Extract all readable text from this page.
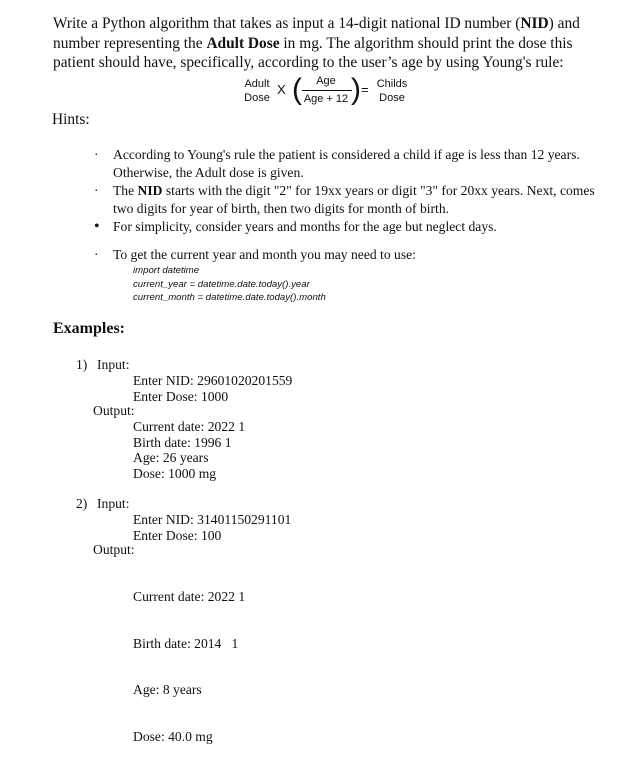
Write a Python algorithm that takes as input a 14-digit national ID number (NID) and number representing the Adult Dose in mg. The algorithm should print the dose this patient should have, specifically, according to the user’s age by using Young's rule:

Adult
Dose
X (	Age
Age + 12 ) = Childs
Dose
Hints:
·	According to Young's rule the patient is considered a child if age is less than 12 years. Otherwise, the Adult dose is given.
·	The NID starts with the digit "2" for 19xx years or digit "3" for 20xx years. Next, comes two digits for year of birth, then two digits for month of birth.
• For simplicity, consider years and months for the age but neglect days.
·	To get the current year and month you may need to use:
import datetime
current_year = datetime.date.today().year
current_month = datetime.date.today().month
Examples:
1) Input:
Enter NID: 29601020201559
Enter Dose: 1000
Output:
Current date: 2022 1
Birth date: 1996 1
Age: 26 years
Dose: 1000 mg
2) Input:
Enter NID: 31401150291101
Enter Dose: 100
Output:

Current date: 2022 1

Birth date: 2014   1

Age: 8 years

Dose: 40.0 mg
